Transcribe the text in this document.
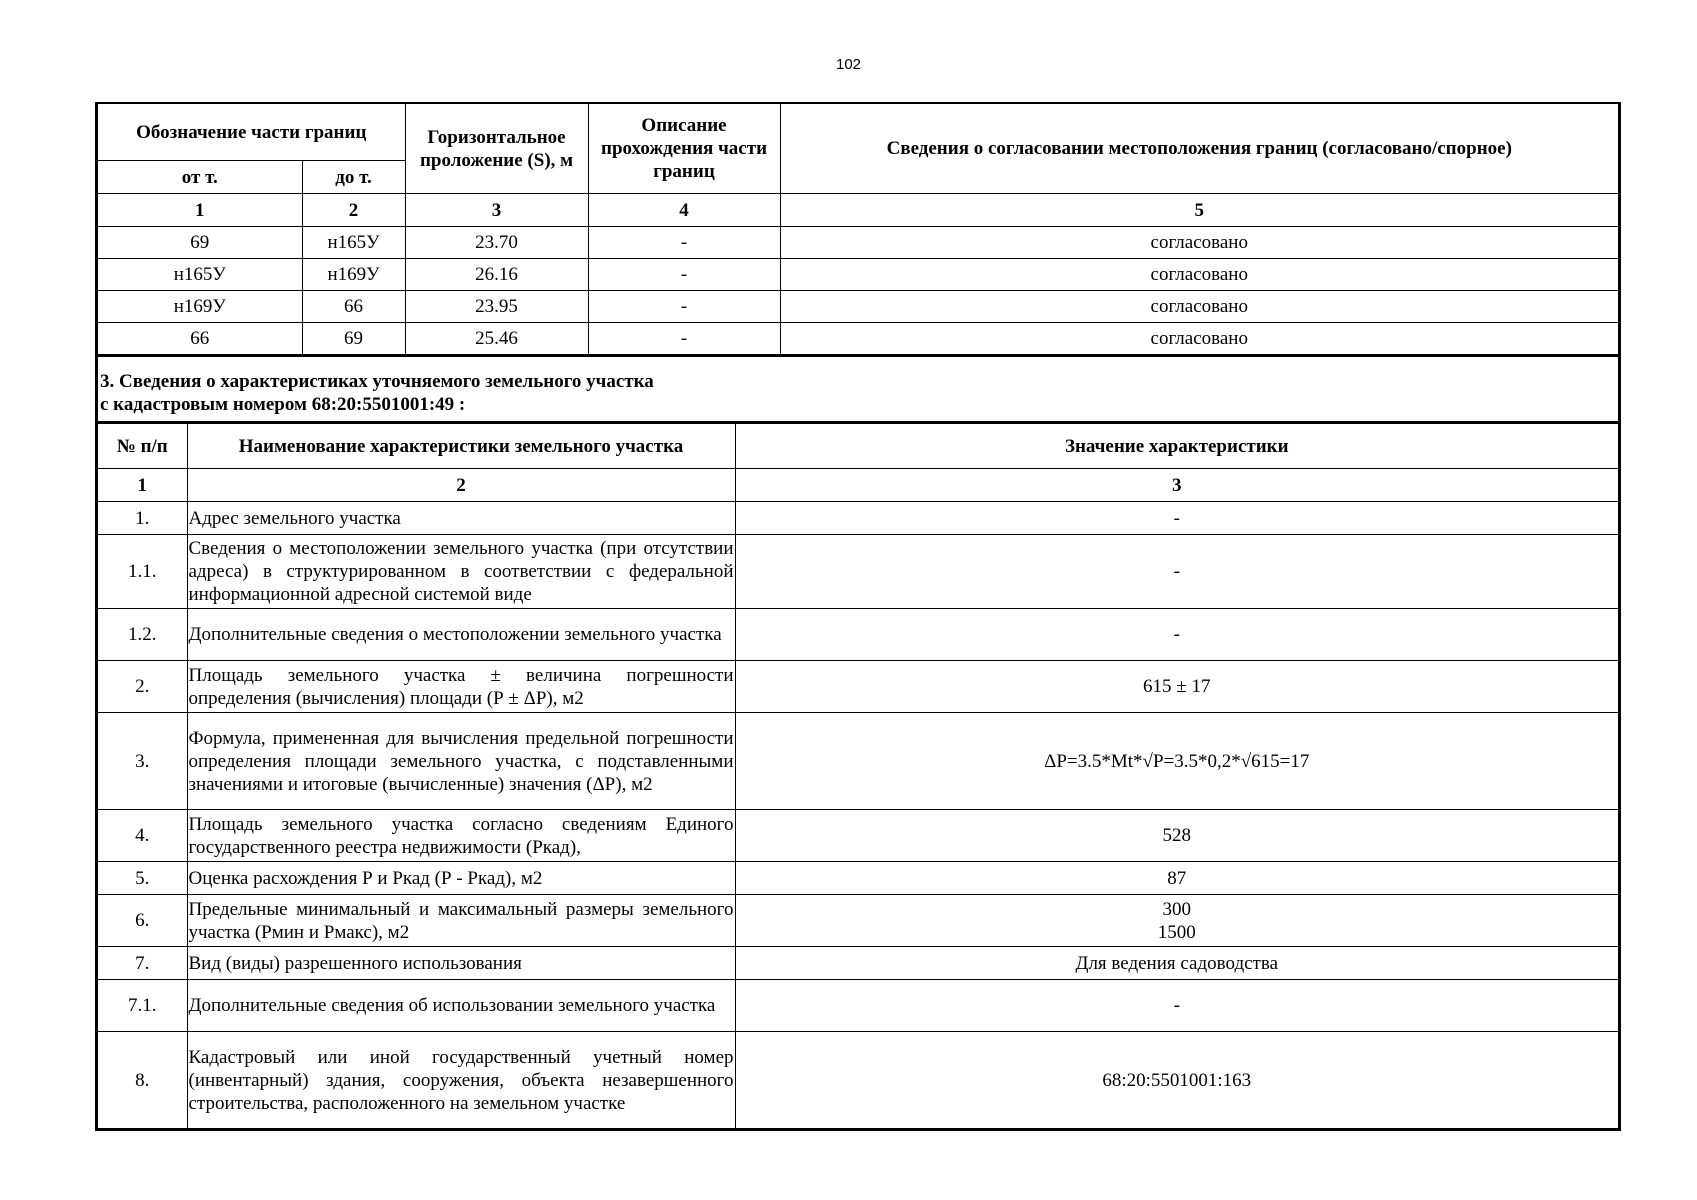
102
Обозначение части границ		Горизонтальное проложение (S), м	Описание прохождения части границ	Сведения о согласовании местоположения границ (согласовано/спорное)
от т.	до т.			
1	2	3	4	5
69	н165У	23.70	-	согласовано
н165У	н169У	26.16	-	согласовано
н169У	66	23.95	-	согласовано
66	69	25.46	-	согласовано
3. Сведения о характеристиках уточняемого земельного участка
с кадастровым номером 68:20:5501001:49 :
№ п/п	Наименование характеристики земельного участка	Значение характеристики
1	2	3
1.	Адрес земельного участка	-
1.1.	Сведения о местоположении земельного участка (при отсутствии адреса) в структурированном в соответствии с федеральной информационной адресной системой виде	-
1.2.	Дополнительные сведения о местоположении земельного участка	-
2.	Площадь земельного участка ± величина погрешности определения (вычисления) площади (Р ± ΔР), м2	615 ± 17
3.	Формула, примененная для вычисления предельной погрешности определения площади земельного участка, с подставленными значениями и итоговые (вычисленные) значения (ΔР), м2	ΔP=3.5*Mt*√P=3.5*0,2*√615=17
4.	Площадь земельного участка согласно сведениям Единого государственного реестра недвижимости (Ркад),	528
5.	Оценка расхождения Р и Ркад (Р - Ркад), м2	87
6.	Предельные минимальный и максимальный размеры земельного участка (Рмин и Рмакс), м2	300
1500

7.	Вид (виды) разрешенного использования	Для ведения садоводства
7.1.	Дополнительные сведения об использовании земельного участка	-
8.	Кадастровый или иной государственный учетный номер (инвентарный) здания, сооружения, объекта незавершенного строительства, расположенного на земельном участке	68:20:5501001:163
